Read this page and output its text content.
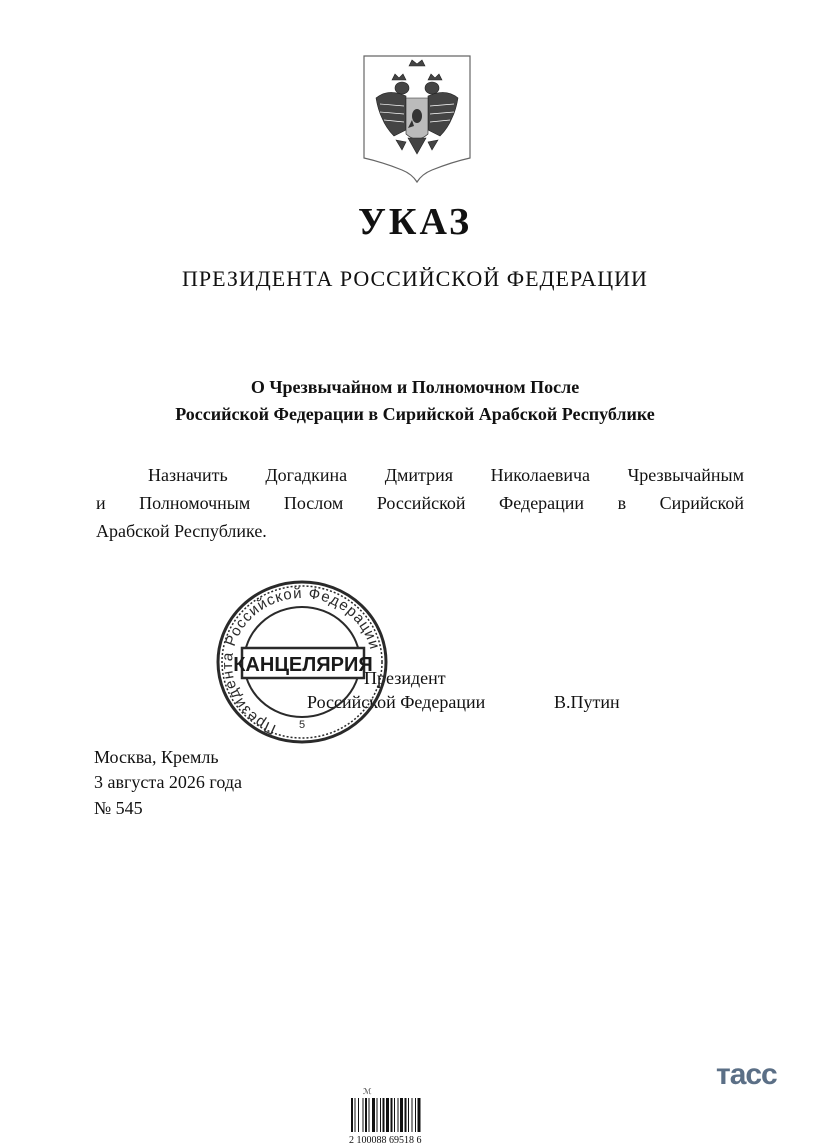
УКАЗ
ПРЕЗИДЕНТА РОССИЙСКОЙ ФЕДЕРАЦИИ
О Чрезвычайном и Полномочном После
Российской Федерации в Сирийской Арабской Республике
Назначить Догадкина Дмитрия Николаевича Чрезвычайным
и Полномочным Послом Российской Федерации в Сирийской
Арабской Республике.
Президент
Российской Федерации	В.Путин
Президента Российской Федерации
КАНЦЕЛЯРИЯ
5
Москва, Кремль
3 августа 2026 года
№ 545
ℳ
2 100088 69518 6
тасс
